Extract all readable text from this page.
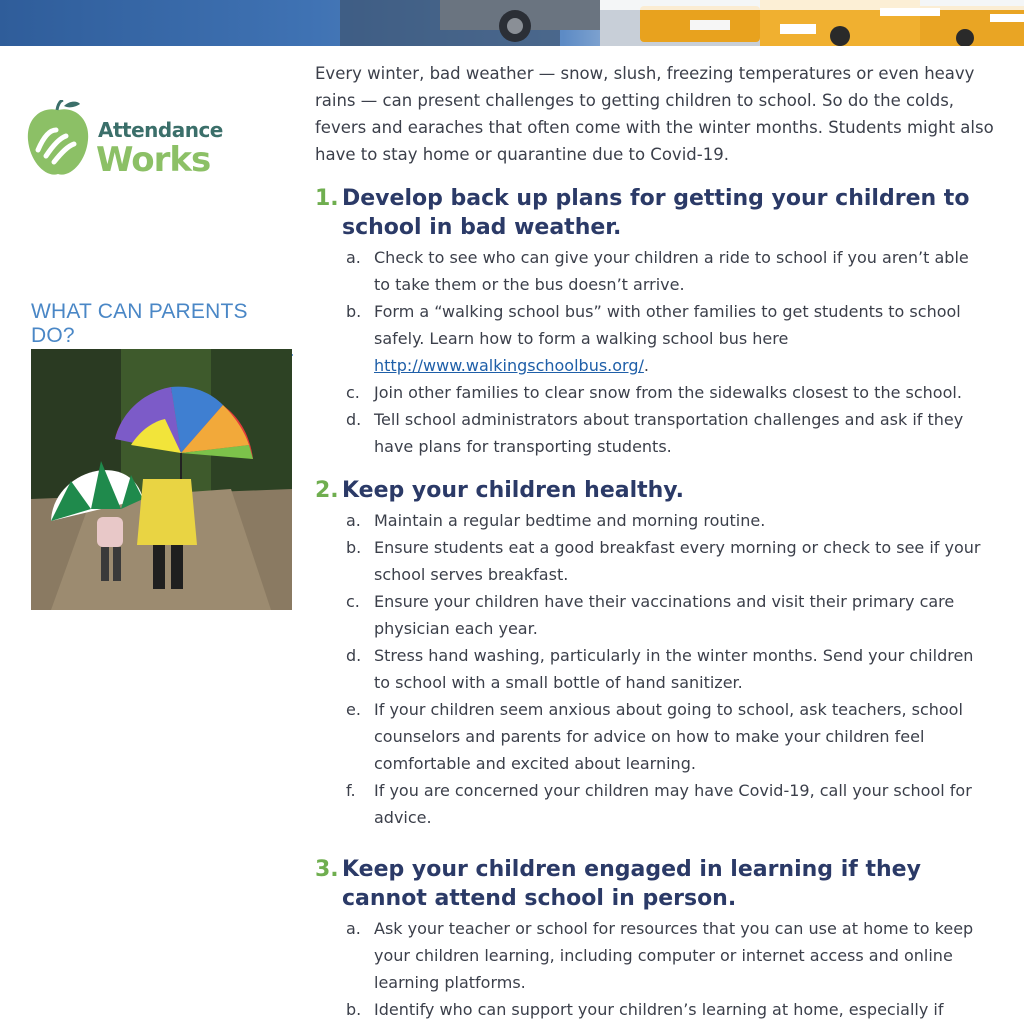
Attendance
Works
WHAT CAN PARENTS DO?

Every winter, bad weather — snow, slush, freezing temperatures or even heavy rains — can present challenges to getting children to school. So do the colds, fevers and earaches that often come with the winter months. Students might also have to stay home or quarantine due to Covid-19.

1. Develop back up plans for getting your children to school in bad weather.
a. Check to see who can give your children a ride to school if you aren’t able to take them or the bus doesn’t arrive.
b. Form a “walking school bus” with other families to get students to school safely. Learn how to form a walking school bus here http://www.walkingschoolbus.org/.
c. Join other families to clear snow from the sidewalks closest to the school.
d. Tell school administrators about transportation challenges and ask if they have plans for transporting students.
2. Keep your children healthy.
a. Maintain a regular bedtime and morning routine.
b. Ensure students eat a good breakfast every morning or check to see if your school serves breakfast.
c. Ensure your children have their vaccinations and visit their primary care physician each year.
d. Stress hand washing, particularly in the winter months. Send your children to school with a small bottle of hand sanitizer.
e. If your children seem anxious about going to school, ask teachers, school counselors and parents for advice on how to make your children feel comfortable and excited about learning.
f.	If you are concerned your children may have Covid-19, call your school for advice.
3. Keep your children engaged in learning if they cannot attend school in person.
a. Ask your teacher or school for resources that you can use at home to keep your children learning, including computer or internet access and online learning platforms.
b. Identify who can support your children’s learning at home, especially if
